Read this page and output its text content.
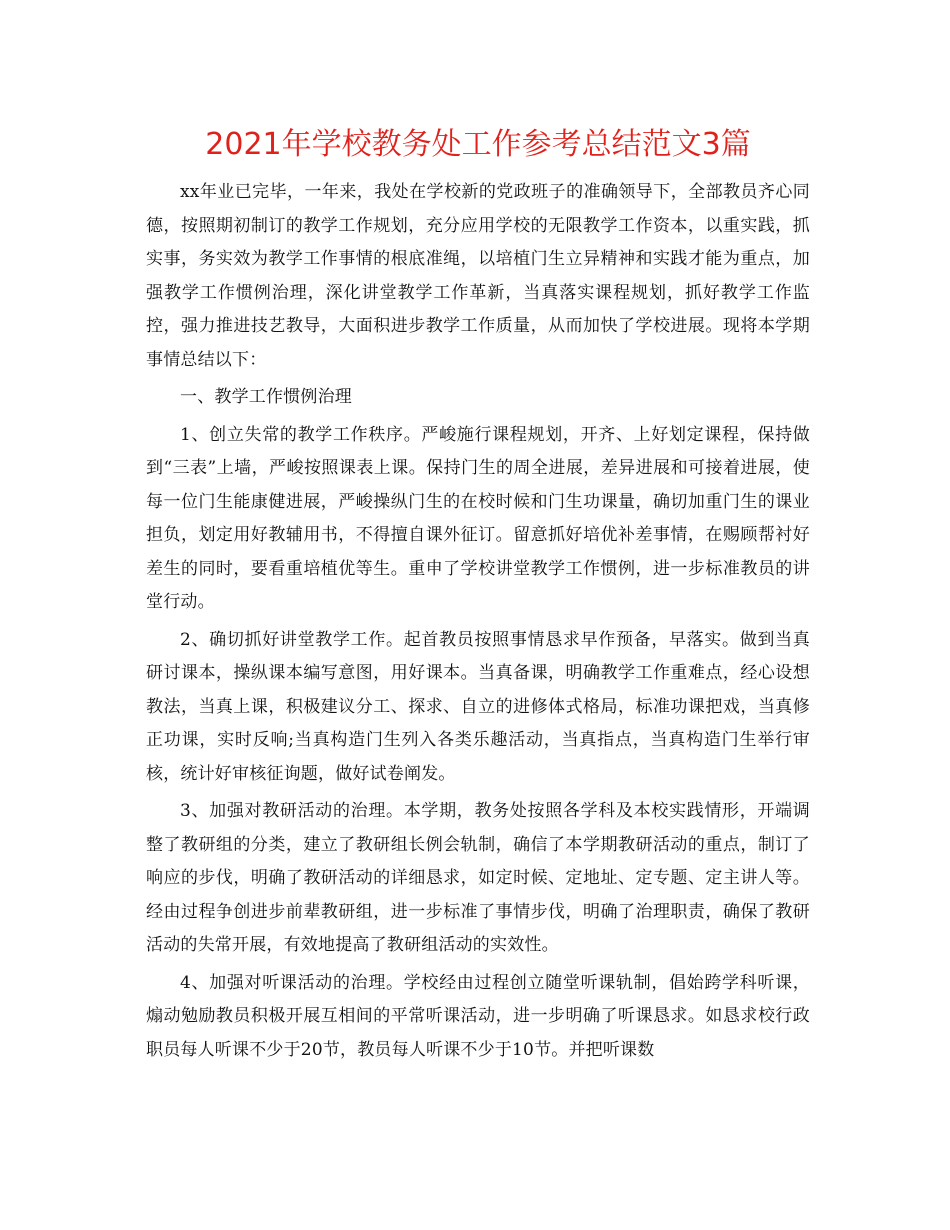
2021年学校教务处工作参考总结范文3篇

xx年业已完毕，一年来，我处在学校新的党政班子的准确领导下，全部教员齐心同德，按照期初制订的教学工作规划，充分应用学校的无限教学工作资本，以重实践，抓实事，务实效为教学工作事情的根底准绳，以培植门生立异精神和实践才能为重点，加强教学工作惯例治理，深化讲堂教学工作革新，当真落实课程规划，抓好教学工作监控，强力推进技艺教导，大面积进步教学工作质量，从而加快了学校进展。现将本学期事情总结以下：

一、教学工作惯例治理

1、创立失常的教学工作秩序。严峻施行课程规划，开齐、上好划定课程，保持做到“三表”上墙，严峻按照课表上课。保持门生的周全进展，差异进展和可接着进展，使每一位门生能康健进展，严峻操纵门生的在校时候和门生功课量，确切加重门生的课业担负，划定用好教辅用书，不得擅自课外征订。留意抓好培优补差事情，在赐顾帮衬好差生的同时，要看重培植优等生。重申了学校讲堂教学工作惯例，进一步标准教员的讲堂行动。

2、确切抓好讲堂教学工作。起首教员按照事情恳求早作预备，早落实。做到当真研讨课本，操纵课本编写意图，用好课本。当真备课，明确教学工作重难点，经心设想教法，当真上课，积极建议分工、探求、自立的进修体式格局，标准功课把戏，当真修正功课，实时反响;当真构造门生列入各类乐趣活动，当真指点，当真构造门生举行审核，统计好审核征询题，做好试卷阐发。

3、加强对教研活动的治理。本学期，教务处按照各学科及本校实践情形，开端调整了教研组的分类，建立了教研组长例会轨制，确信了本学期教研活动的重点，制订了响应的步伐，明确了教研活动的详细恳求，如定时候、定地址、定专题、定主讲人等。经由过程争创进步前辈教研组，进一步标准了事情步伐，明确了治理职责，确保了教研活动的失常开展，有效地提高了教研组活动的实效性。

4、加强对听课活动的治理。学校经由过程创立随堂听课轨制，倡始跨学科听课，煽动勉励教员积极开展互相间的平常听课活动，进一步明确了听课恳求。如恳求校行政职员每人听课不少于20节，教员每人听课不少于10节。并把听课数
